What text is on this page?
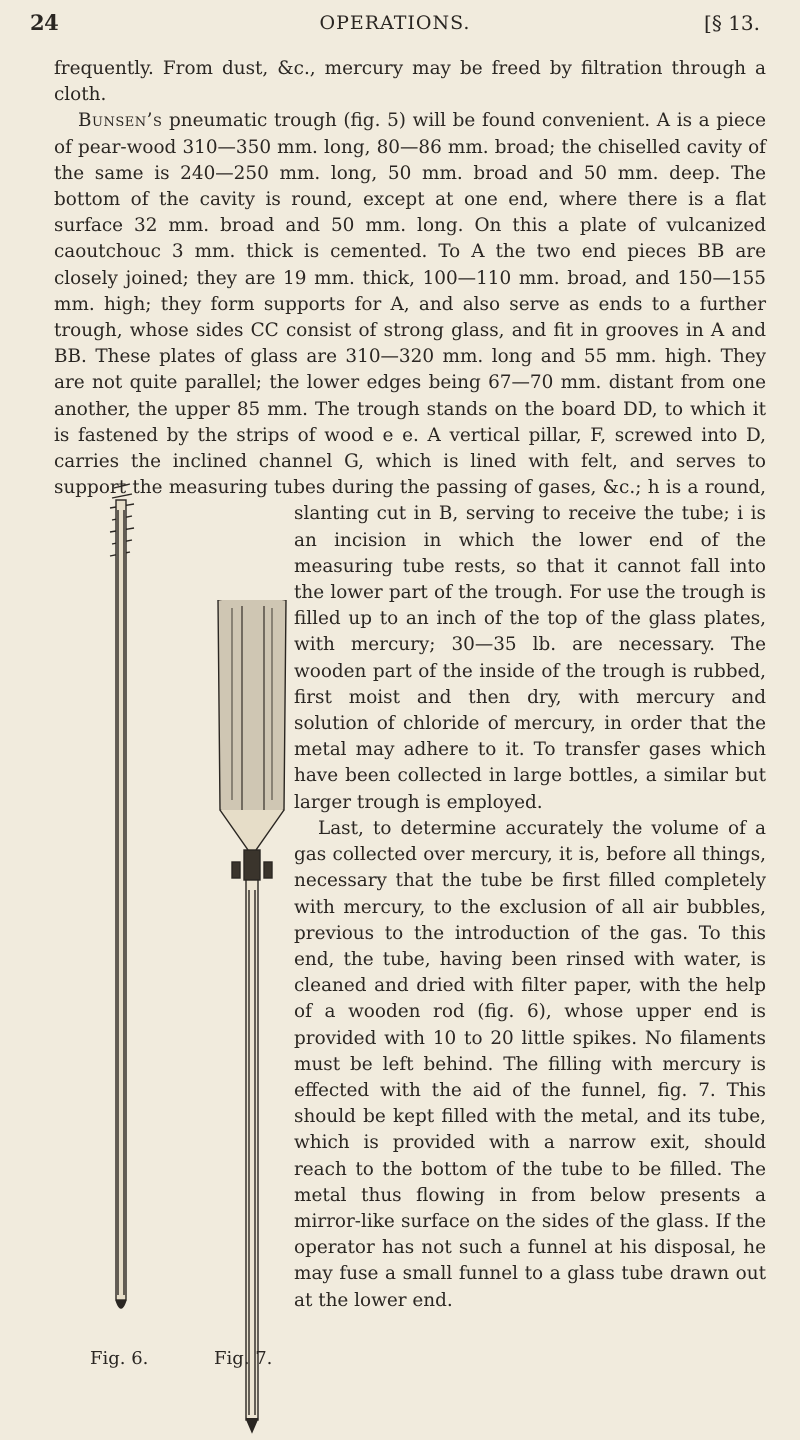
24	OPERATIONS.	[§ 13.

frequently. From dust, &c., mercury may be freed by filtration through a cloth.

Bunsen’s pneumatic trough (fig. 5) will be found convenient. A is a piece of pear-wood 310—350 mm. long, 80—86 mm. broad; the chiselled cavity of the same is 240—250 mm. long, 50 mm. broad and 50 mm. deep. The bottom of the cavity is round, except at one end, where there is a flat surface 32 mm. broad and 50 mm. long. On this a plate of vulcanized caoutchouc 3 mm. thick is cemented. To A the two end pieces BB are closely joined; they are 19 mm. thick, 100—110 mm. broad, and 150—155 mm. high; they form supports for A, and also serve as ends to a further trough, whose sides CC consist of strong glass, and fit in grooves in A and BB. These plates of glass are 310—320 mm. long and 55 mm. high. They are not quite parallel; the lower edges being 67—70 mm. distant from one another, the upper 85 mm. The trough stands on the board DD, to which it is fastened by the strips of wood e e. A vertical pillar, F, screwed into D, carries the inclined channel G, which is lined with felt, and serves to support the measuring tubes during the passing of gases, &c.; h is a round, slanting cut in B, serving to receive the tube; i is an incision in which the lower end of the measuring tube rests, so that it cannot fall into the lower part of the trough. For use the trough is filled up to an inch of the top of the glass plates, with mercury; 30—35 lb. are necessary. The wooden part of the inside of the trough is rubbed, first moist and then dry, with mercury and solution of chloride of mercury, in order that the metal may adhere to it. To transfer gases which have been collected in large bottles, a similar but larger trough is employed.

Last, to determine accurately the volume of a gas collected over mercury, it is, before all things, necessary that the tube be first filled completely with mercury, to the exclusion of all air bubbles, previous to the introduction of the gas. To this end, the tube, having been rinsed with water, is cleaned and dried with filter paper, with the help of a wooden rod (fig. 6), whose upper end is provided with 10 to 20 little spikes. No filaments must be left behind. The filling with mercury is effected with the aid of the funnel, fig. 7. This should be kept filled with the metal, and its tube, which is provided with a narrow exit, should reach to the bottom of the tube to be filled. The metal thus flowing in from below presents a mirror-like surface on the sides of the glass. If the operator has not such a funnel at his disposal, he may fuse a small funnel to a glass tube drawn out at the lower end.

Fig. 6.	Fig. 7.
